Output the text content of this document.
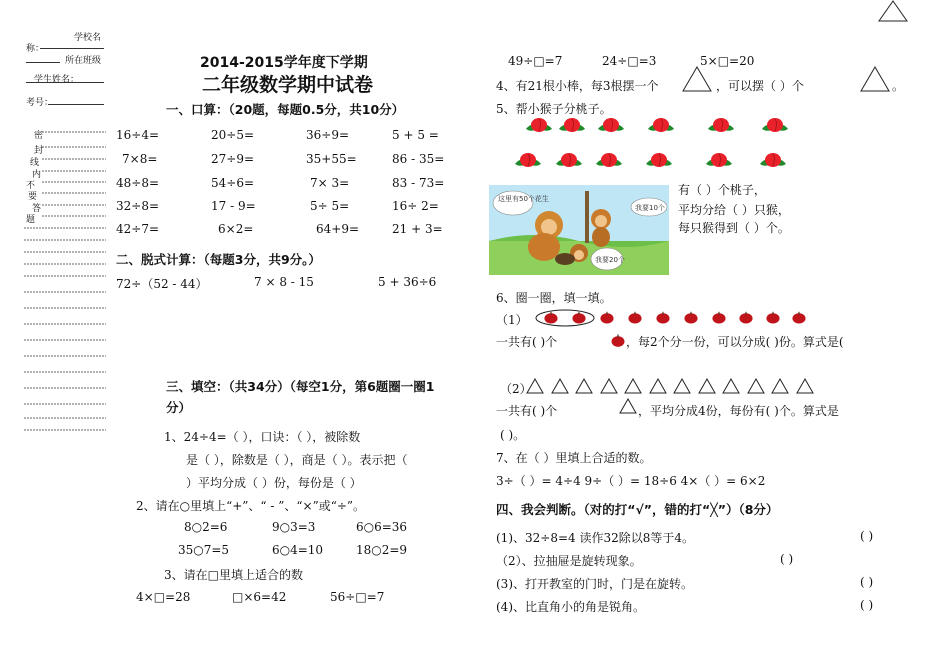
学校名
称：
所在班级
学生姓名：
考号：
密
封
线
内
不
要
答
题
2014-2015学年度下学期
二年级数学期中试卷
一、口算：（20题，每题0.5分，共10分）
16÷4=	20÷5=	36÷9=	5 + 5 =
7×8=	27÷9=	35+55=	86 - 35=
48÷8=	54÷6=	7× 3=	83 - 73=
32÷8=	17 - 9=	5÷ 5=	16÷ 2=
42÷7=	6×2=	64+9=	21 + 3=
二、脱式计算：（每题3分，共9分。）
72÷（52 - 44）	7 × 8 - 15	5 + 36÷6
三、填空：（共34分）（每空1分，第6题圈一圈1
分）
1、24÷4=（ ），口诀：（ ），被除数
是（ ），除数是（ ），商是（ ）。表示把（
）平均分成（ ）份，每份是（ ）
2、请在○里填上“+”、“ - ”、“×”或“÷”。
8○2=6	9○3=3	6○6=36
35○7=5	6○4=10	18○2=9
3、请在□里填上适合的数
4×□=28	□×6=42	56÷□=7
49÷□=7	24÷□=3	5×□=20
4、有21根小棒，每3根摆一个	，可以摆（ ）个	。
5、帮小猴子分桃子。
这里有50个花生
我要10个
我要20个
有（ ）个桃子，
平均分给（ ）只猴，
每只猴得到（ ）个。
6、圈一圈，填一填。
（1）
一共有( )个	，每2个分一份，可以分成( )份。算式是(
（2）
一共有( )个	，平均分成4份，每份有( )个。算式是
( )。
7、在（ ）里填上合适的数。
3÷（ ）= 4÷4 9÷（ ）= 18÷6 4×（ ）= 6×2
四、我会判断。（对的打“√”，错的打“╳”）（8分）
(1)、32÷8=4 读作32除以8等于4。	( )
（2）、拉抽屉是旋转现象。	( )
(3)、打开教室的门时，门是在旋转。	( )
(4)、比直角小的角是锐角。	( )
